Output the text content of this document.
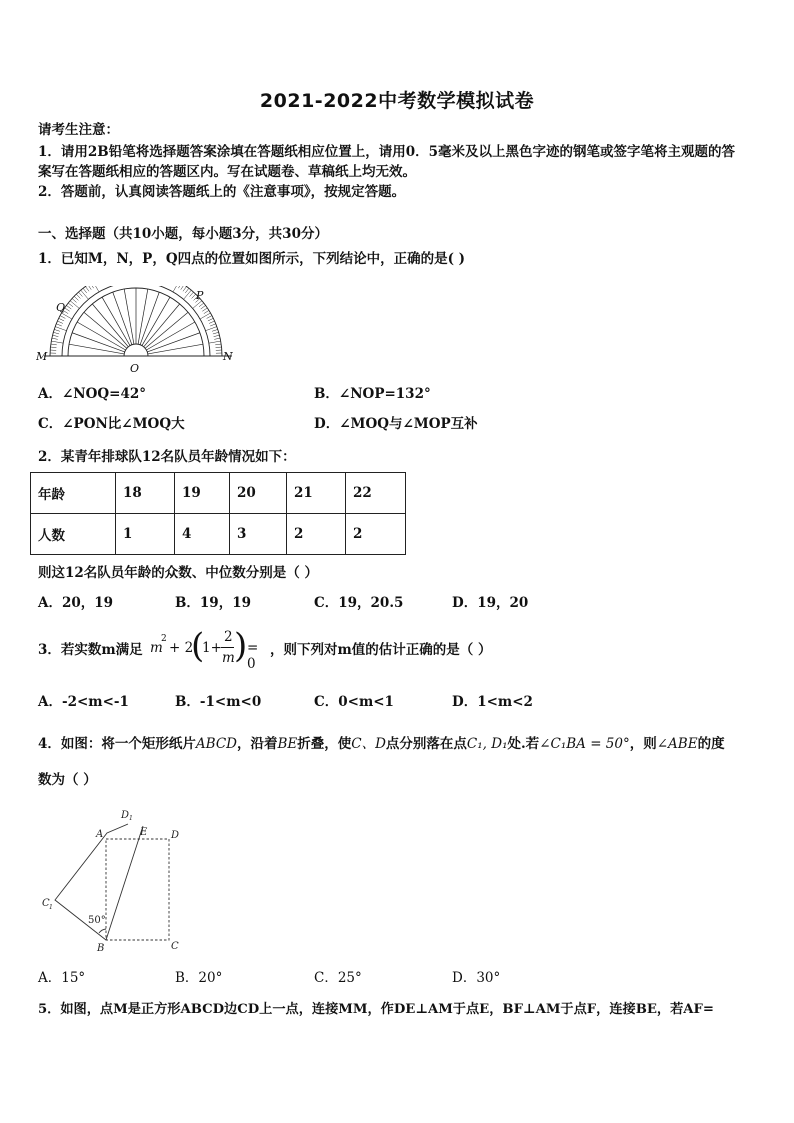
2021-2022中考数学模拟试卷
请考生注意：
1．请用2B铅笔将选择题答案涂填在答题纸相应位置上，请用0．5毫米及以上黑色字迹的钢笔或签字笔将主观题的答
案写在答题纸相应的答题区内。写在试题卷、草稿纸上均无效。
2．答题前，认真阅读答题纸上的《注意事项》，按规定答题。
一、选择题（共10小题，每小题3分，共30分）
1．已知M，N，P，Q四点的位置如图所示，下列结论中，正确的是( )
M	N
O
P
Q
A．∠NOQ=42°	B．∠NOP=132°
C．∠PON比∠MOQ大	D．∠MOQ与∠MOP互补
2．某青年排球队12名队员年龄情况如下：
年龄	18	19	20	21	22
人数	1	4	3	2	2
则这12名队员年龄的众数、中位数分别是（ ）
A．20，19	B．19，19	C．19，20.5	D．19，20
3．若实数m满足 m
2
+ 2
(
1+
2
m ) = 0
，则下列对m值的估计正确的是（ ）
A．-2<m<-1	B．-1<m<0	C．0<m<1	D．1<m<2
4．如图：将一个矩形纸片ABCD，沿着BE折叠，使C、D点分别落在点C₁, D₁处.若∠C₁BA = 50°，则∠ABE的度
数为（ ）
A
B	C
D
E
C 1
D 1
50°
A．15°	B．20°	C．25°	D．30°
5．如图，点M是正方形ABCD边CD上一点，连接MM，作DE⊥AM于点E，BF⊥AM于点F，连接BE，若AF=
